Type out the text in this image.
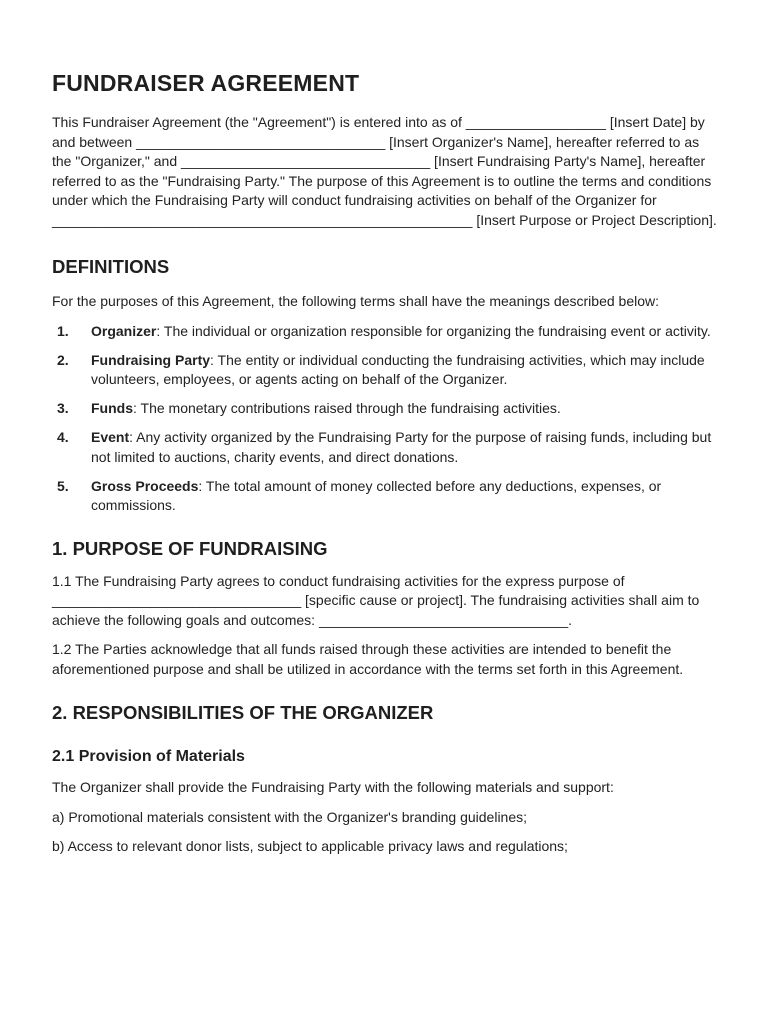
FUNDRAISER AGREEMENT

This Fundraiser Agreement (the "Agreement") is entered into as of __________________ [Insert Date] by and between ________________________________ [Insert Organizer's Name], hereafter referred to as the "Organizer," and ________________________________ [Insert Fundraising Party's Name], hereafter referred to as the "Fundraising Party." The purpose of this Agreement is to outline the terms and conditions under which the Fundraising Party will conduct fundraising activities on behalf of the Organizer for ______________________________________________________ [Insert Purpose or Project Description].

DEFINITIONS

For the purposes of this Agreement, the following terms shall have the meanings described below:

1. Organizer: The individual or organization responsible for organizing the fundraising event or activity.
2. Fundraising Party: The entity or individual conducting the fundraising activities, which may include volunteers, employees, or agents acting on behalf of the Organizer.
3. Funds: The monetary contributions raised through the fundraising activities.
4. Event: Any activity organized by the Fundraising Party for the purpose of raising funds, including but not limited to auctions, charity events, and direct donations.
5. Gross Proceeds: The total amount of money collected before any deductions, expenses, or commissions.
1. PURPOSE OF FUNDRAISING

1.1 The Fundraising Party agrees to conduct fundraising activities for the express purpose of ________________________________ [specific cause or project]. The fundraising activities shall aim to achieve the following goals and outcomes: ________________________________.

1.2 The Parties acknowledge that all funds raised through these activities are intended to benefit the aforementioned purpose and shall be utilized in accordance with the terms set forth in this Agreement.

2. RESPONSIBILITIES OF THE ORGANIZER
2.1 Provision of Materials

The Organizer shall provide the Fundraising Party with the following materials and support:

a) Promotional materials consistent with the Organizer's branding guidelines;

b) Access to relevant donor lists, subject to applicable privacy laws and regulations;
